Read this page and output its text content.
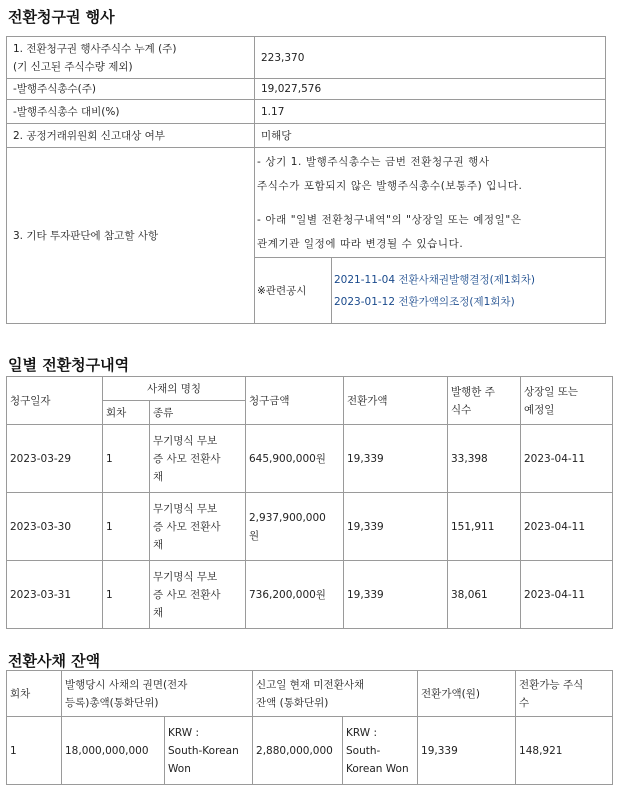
전환청구권 행사
1. 전환청구권 행사주식수 누계 (주)
(기 신고된 주식수량 제외)	223,370	
-발행주식총수(주)	19,027,576	
-발행주식총수 대비(%)	1.17	
2. 공정거래위원회 신고대상 여부	미해당	
3. 기타 투자판단에 참고할 사항	- 상기 1. 발행주식총수는 금번 전환청구권 행사
주식수가 포함되지 않은 발행주식총수(보통주) 입니다.
- 아래 "일별 전환청구내역"의 "상장일 또는 예정일"은
관계기관 일정에 따라 변경될 수 있습니다.	

	※관련공시	2021-11-04 전환사채권발행결정(제1회차)
2023-01-12 전환가액의조정(제1회차)
일별 전환청구내역
청구일자	사채의 명칭		청구금액	전환가액	발행한 주
식수	상장일 또는
예정일

	회차	종류				
2023-03-29	1	무기명식 무보
증 사모 전환사
채	645,900,000원	19,339	33,398	2023-04-11
2023-03-30	1	무기명식 무보
증 사모 전환사
채	2,937,900,000
원	19,339	151,911	2023-04-11
2023-03-31	1	무기명식 무보
증 사모 전환사
채	736,200,000원	19,339	38,061	2023-04-11
전환사채 잔액
회차	발행당시 사채의 권면(전자
등록)총액(통화단위)		신고일 현재 미전환사채
잔액 (통화단위)		전환가액(원)	전환가능 주식
수

1	18,000,000,000	KRW :
South-Korean
Won	2,880,000,000	KRW :
South-
Korean Won	19,339	148,921
